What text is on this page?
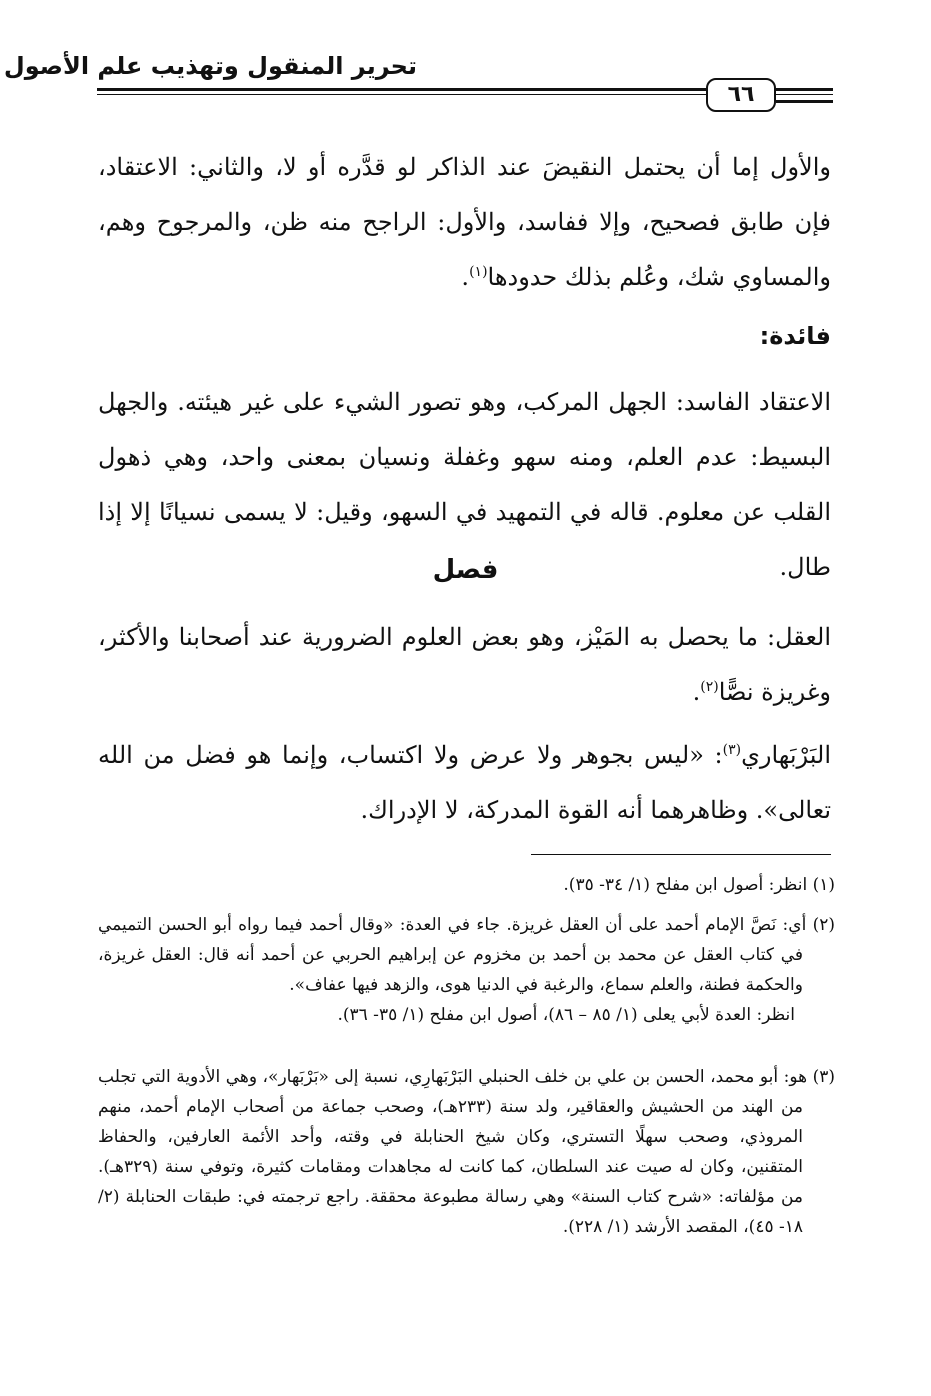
تحرير المنقول وتهذيب علم الأصول
٦٦

والأول إما أن يحتمل النقيضَ عند الذاكر لو قدَّره أو لا، والثاني: الاعتقاد، فإن طابق فصحيح، وإلا ففاسد، والأول: الراجح منه ظن، والمرجوح وهم، والمساوي شك، وعُلم بذلك حدودها$^{(١)}$.

فائدة:

الاعتقاد الفاسد: الجهل المركب، وهو تصور الشيء على غير هيئته. والجهل البسيط: عدم العلم، ومنه سهو وغفلة ونسيان بمعنى واحد، وهي ذهول القلب عن معلوم. قاله في التمهيد في السهو، وقيل: لا يسمى نسيانًا إلا إذا طال.

فصل

العقل: ما يحصل به المَيْز، وهو بعض العلوم الضرورية عند أصحابنا والأكثر، وغريزة نصًّا$^{(٢)}$.

البَرْبَهاري$^{(٣)}$: «ليس بجوهر ولا عرض ولا اكتساب، وإنما هو فضل من الله تعالى». وظاهرهما أنه القوة المدركة، لا الإدراك.

(١) انظر: أصول ابن مفلح (١/ ٣٤- ٣٥).

(٢) أي: نَصَّ الإمام أحمد على أن العقل غريزة. جاء في العدة: «وقال أحمد فيما رواه أبو الحسن التميمي في كتاب العقل عن محمد بن أحمد بن مخزوم عن إبراهيم الحربي عن أحمد أنه قال: العقل غريزة، والحكمة فطنة، والعلم سماع، والرغبة في الدنيا هوى، والزهد فيها عفاف».

انظر: العدة لأبي يعلى (١/ ٨٥ – ٨٦)، أصول ابن مفلح (١/ ٣٥- ٣٦).

(٣) هو: أبو محمد، الحسن بن علي بن خلف الحنبلي البَرْبَهارِي، نسبة إلى «بَرْبَهار»، وهي الأدوية التي تجلب من الهند من الحشيش والعقاقير، ولد سنة (٢٣٣هـ)، وصحب جماعة من أصحاب الإمام أحمد، منهم المروذي، وصحب سهلًا التستري، وكان شيخ الحنابلة في وقته، وأحد الأئمة العارفين، والحفاظ المتقنين، وكان له صيت عند السلطان، كما كانت له مجاهدات ومقامات كثيرة، وتوفي سنة (٣٢٩هـ). من مؤلفاته: «شرح كتاب السنة» وهي رسالة مطبوعة محققة. راجع ترجمته في: طبقات الحنابلة (٢/ ١٨- ٤٥)، المقصد الأرشد (١/ ٢٢٨).
